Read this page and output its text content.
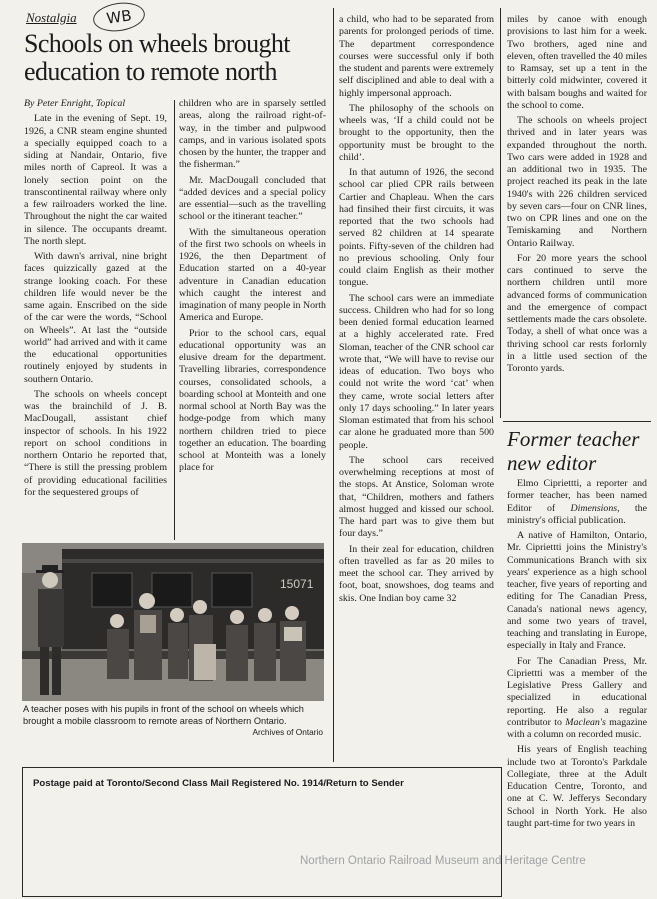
Nostalgia	WB
Schools on wheels brought education to remote north

By Peter Enright, Topical

Late in the evening of Sept. 19, 1926, a CNR steam engine shunted a specially equipped coach to a siding at Nandair, Ontario, five miles north of Capreol. It was a lonely section point on the transcontinental railway where only a few railroaders worked the line. Throughout the night the car waited in silence. The occupants dreamt. The north slept.

With dawn's arrival, nine bright faces quizzically gazed at the strange looking coach. For these children life would never be the same again. Enscribed on the side of the car were the words, “School on Wheels”. At last the “outside world” had arrived and with it came the educational opportunities routinely enjoyed by students in southern Ontario.

The schools on wheels concept was the brainchild of J. B. MacDougall, assistant chief inspector of schools. In his 1922 report on school conditions in northern Ontario he reported that, “There is still the pressing problem of providing educational facilities for the sequestered groups of

children who are in sparsely settled areas, along the railroad right-of-way, in the timber and pulpwood camps, and in various isolated spots chosen by the hunter, the trapper and the fisherman.”

Mr. MacDougall concluded that “added devices and a special policy are essential—such as the travelling school or the itinerant teacher.”

With the simultaneous operation of the first two schools on wheels in 1926, the then Department of Education started on a 40-year adventure in Canadian education which caught the interest and imagination of many people in North America and Europe.

Prior to the school cars, equal educational opportunity was an elusive dream for the department. Travelling libraries, correspondence courses, consolidated schools, a boarding school at Monteith and one normal school at North Bay was the hodge-podge from which many northern children tried to piece together an education. The boarding school at Monteith was a lonely place for

a child, who had to be separated from parents for prolonged periods of time. The department correspondence courses were successful only if both the student and parents were extremely self disciplined and able to deal with a highly impersonal approach.

The philosophy of the schools on wheels was, ‘If a child could not be brought to the opportunity, then the opportunity must be brought to the child’.

In that autumn of 1926, the second school car plied CPR rails between Cartier and Chapleau. When the cars had finsihed their first circuits, it was reported that the two schools had served 82 children at 14 spearate points. Fifty-seven of the children had no previous schooling. Only four could claim English as their mother tongue.

The school cars were an immediate success. Children who had for so long been denied formal education learned at a highly accelerated rate. Fred Sloman, teacher of the CNR school car wrote that, “We will have to revise our ideas of education. Two boys who could not write the word ‘cat’ when they came, wrote social letters after only 17 days schooling.” In later years Sloman estimated that from his school car alone he graduated more than 500 people.

The school cars received overwhelming receptions at most of the stops. At Anstice, Soloman wrote that, “Children, mothers and fathers almost hugged and kissed our school. The hard part was to give them but four days.”

In their zeal for education, children often travelled as far as 20 miles to meet the school car. They arrived by foot, boat, snowshoes, dog teams and skis. One Indian boy came 32

miles by canoe with enough provisions to last him for a week. Two brothers, aged nine and eleven, often travelled the 40 miles to Ramsay, set up a tent in the bitterly cold midwinter, covered it with balsam boughs and waited for the school to come.

The schools on wheels project thrived and in later years was expanded throughout the north. Two cars were added in 1928 and an additional two in 1935. The project reached its peak in the late 1940's with 226 children serviced by seven cars—four on CNR lines, two on CPR lines and one on the Temiskaming and Northern Ontario Railway.

For 20 more years the school cars continued to serve the northern children until more advanced forms of communication and the emergence of compact settlements made the cars obsolete. Today, a shell of what once was a thriving school car rests forlornly in a little used section of the Toronto yards.

Former teacher new editor

Elmo Cipriettti, a reporter and former teacher, has been named Editor of Dimensions, the ministry's official publication.

A native of Hamilton, Ontario, Mr. Cipriettti joins the Ministry's Communications Branch with six years' experience as a high school teacher, five years of reporting and editing for The Canadian Press, Canada's national news agency, and some two years of travel, teaching and translating in Europe, especially in Italy and France.

For The Canadian Press, Mr. Cipriettti was a member of the Legislative Press Gallery and specialized in educational reporting. He also a regular contributor to Maclean's magazine with a column on recorded music.

His years of English teaching include two at Toronto's Parkdale Collegiate, three at the Adult Education Centre, Toronto, and one at C. W. Jefferys Secondary School in North York. He also taught part-time for two years in

15071
A teacher poses with his pupils in front of the school on wheels which brought a mobile classroom to remote areas of Northern Ontario.
Archives of Ontario
Postage paid at Toronto/Second Class Mail Registered No. 1914/Return to Sender
Northern Ontario Railroad Museum and Heritage Centre
